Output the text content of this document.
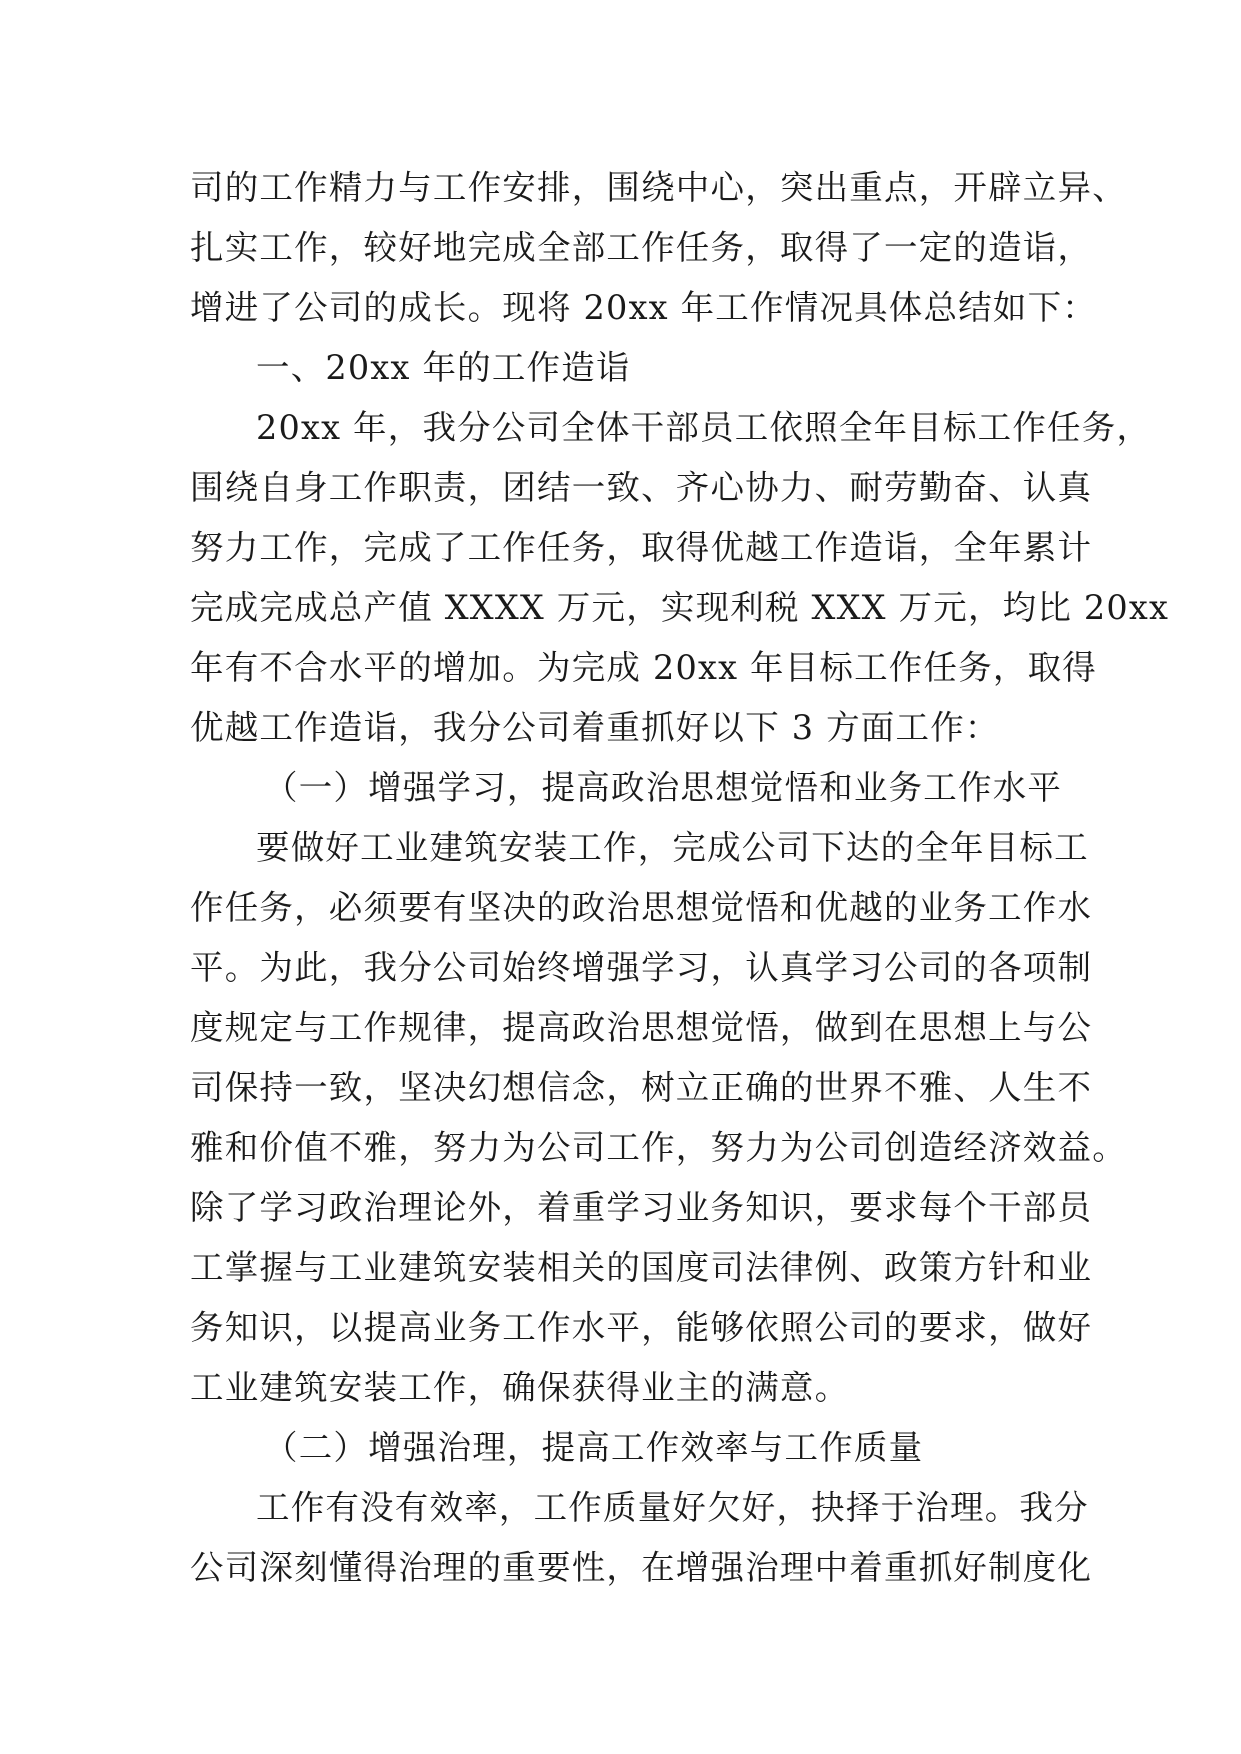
司的工作精力与工作安排，围绕中心，突出重点，开辟立异、
扎实工作，较好地完成全部工作任务，取得了一定的造诣，
增进了公司的成长。现将 20xx 年工作情况具体总结如下：
一、20xx 年的工作造诣
20xx 年，我分公司全体干部员工依照全年目标工作任务，
围绕自身工作职责，团结一致、齐心协力、耐劳勤奋、认真
努力工作，完成了工作任务，取得优越工作造诣，全年累计
完成完成总产值 XXXX 万元，实现利税 XXX 万元，均比 20xx
年有不合水平的增加。为完成 20xx 年目标工作任务，取得
优越工作造诣，我分公司着重抓好以下 3 方面工作：
（一）增强学习，提高政治思想觉悟和业务工作水平
要做好工业建筑安装工作，完成公司下达的全年目标工
作任务，必须要有坚决的政治思想觉悟和优越的业务工作水
平。为此，我分公司始终增强学习，认真学习公司的各项制
度规定与工作规律，提高政治思想觉悟，做到在思想上与公
司保持一致，坚决幻想信念，树立正确的世界不雅、人生不
雅和价值不雅，努力为公司工作，努力为公司创造经济效益。
除了学习政治理论外，着重学习业务知识，要求每个干部员
工掌握与工业建筑安装相关的国度司法律例、政策方针和业
务知识，以提高业务工作水平，能够依照公司的要求，做好
工业建筑安装工作，确保获得业主的满意。
（二）增强治理，提高工作效率与工作质量
工作有没有效率，工作质量好欠好，抉择于治理。我分
公司深刻懂得治理的重要性，在增强治理中着重抓好制度化
